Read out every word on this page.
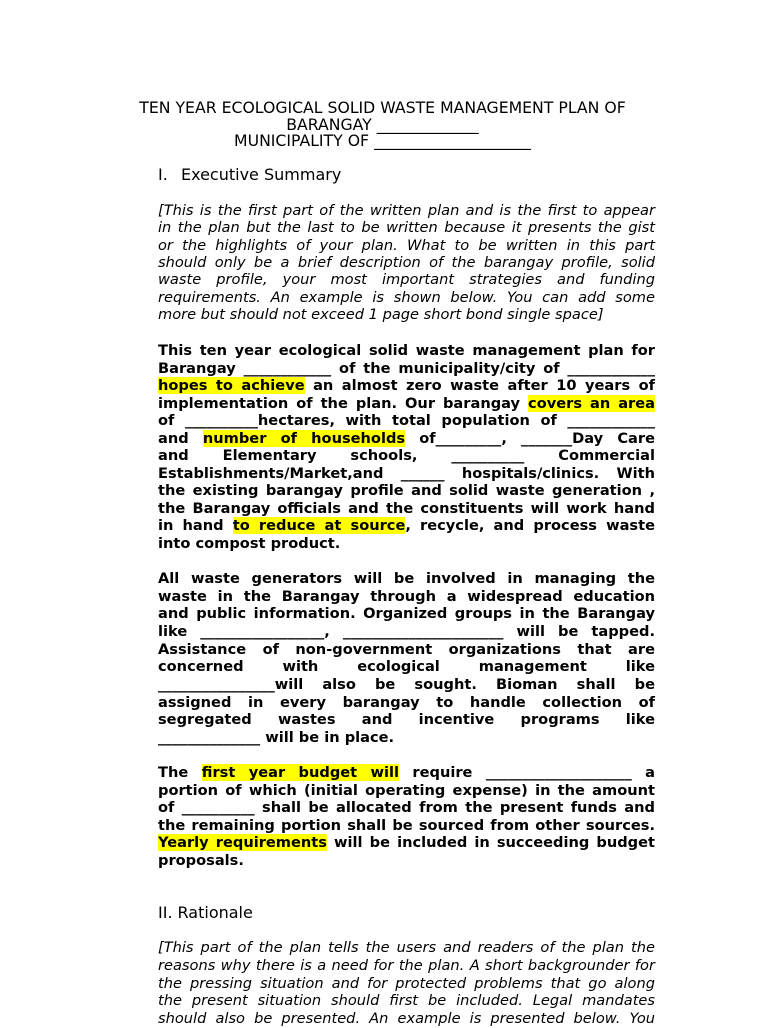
TEN YEAR ECOLOGICAL SOLID WASTE MANAGEMENT PLAN OF
BARANGAY _____________
MUNICIPALITY OF ____________________
I. Executive Summary
[This is the first part of the written plan and is the first to appear
in the plan but the last to be written because it presents the gist
or the highlights of your plan. What to be written in this part
should only be a brief description of the barangay profile, solid
waste profile, your most important strategies and funding
requirements. An example is shown below. You can add some
more but should not exceed 1 page short bond single space]
This ten year ecological solid waste management plan for
Barangay ____________ of the municipality/city of ____________
hopes to achieve an almost zero waste after 10 years of
implementation of the plan. Our barangay covers an area
of __________hectares, with total population of ____________
and number of households of_________, _______Day Care
and Elementary schools, __________ Commercial
Establishments/Market,and ______ hospitals/clinics. With
the existing barangay profile and solid waste generation ,
the Barangay officials and the constituents will work hand
in hand to reduce at source, recycle, and process waste
into compost product.
All waste generators will be involved in managing the
waste in the Barangay through a widespread education
and public information. Organized groups in the Barangay
like _________________, ______________________ will be tapped.
Assistance of non-government organizations that are
concerned with ecological management like
________________will also be sought. Bioman shall be
assigned in every barangay to handle collection of
segregated wastes and incentive programs like
______________ will be in place.
The first year budget will require ____________________ a
portion of which (initial operating expense) in the amount
of __________ shall be allocated from the present funds and
the remaining portion shall be sourced from other sources.
Yearly requirements will be included in succeeding budget
proposals.
II. Rationale
[This part of the plan tells the users and readers of the plan the
reasons why there is a need for the plan. A short backgrounder for
the pressing situation and for protected problems that go along
the present situation should first be included. Legal mandates
should also be presented. An example is presented below. You
